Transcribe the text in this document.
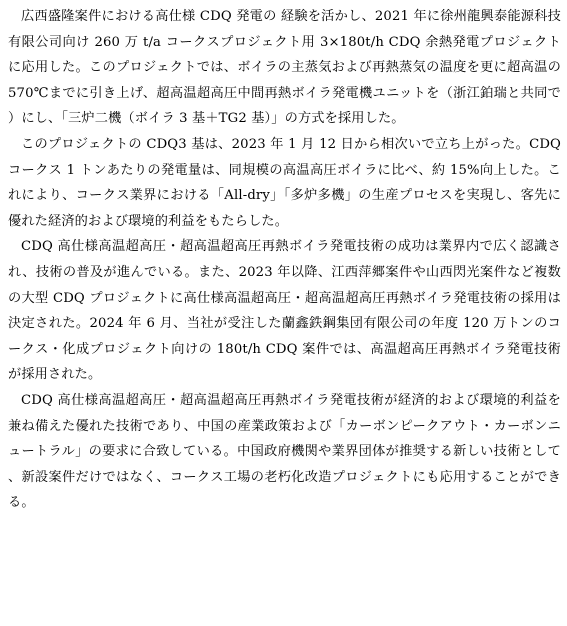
広西盛隆案件における高仕様 CDQ 発電の 経験を活かし、2021 年に徐州龍興泰能源科技有限公司向け 260 万 t/a コークスプロジェクト用 3×180t/h CDQ 余熱発電プロジェクトに応用した。このプロジェクトでは、ボイラの主蒸気および再熱蒸気の温度を更に超高温の 570℃までに引き上げ、超高温超高圧中間再熱ボイラ発電機ユニットを（浙江鉑瑞と共同で）にし、「三炉二機（ボイラ 3 基＋TG2 基）」の方式を採用した。

このプロジェクトの CDQ3 基は、2023 年 1 月 12 日から相次いで立ち上がった。CDQ コークス 1 トンあたりの発電量は、同規模の高温高圧ボイラに比べ、約 15%向上した。これにより、コークス業界における「All-dry」「多炉多機」の生産プロセスを実現し、客先に優れた経済的および環境的利益をもたらした。

CDQ 高仕様高温超高圧・超高温超高圧再熱ボイラ発電技術の成功は業界内で広く認識され、技術の普及が進んでいる。また、2023 年以降、江西萍郷案件や山西閃光案件など複数の大型 CDQ プロジェクトに高仕様高温超高圧・超高温超高圧再熱ボイラ発電技術の採用は決定された。2024 年 6 月、当社が受注した蘭鑫鉄鋼集団有限公司の年度 120 万トンのコークス・化成プロジェクト向けの 180t/h CDQ 案件では、高温超高圧再熱ボイラ発電技術が採用された。

CDQ 高仕様高温超高圧・超高温超高圧再熱ボイラ発電技術が経済的および環境的利益を兼ね備えた優れた技術であり、中国の産業政策および「カーボンピークアウト・カーボンニュートラル」の要求に合致している。中国政府機関や業界団体が推奨する新しい技術として、新設案件だけではなく、コークス工場の老朽化改造プロジェクトにも応用することができる。
